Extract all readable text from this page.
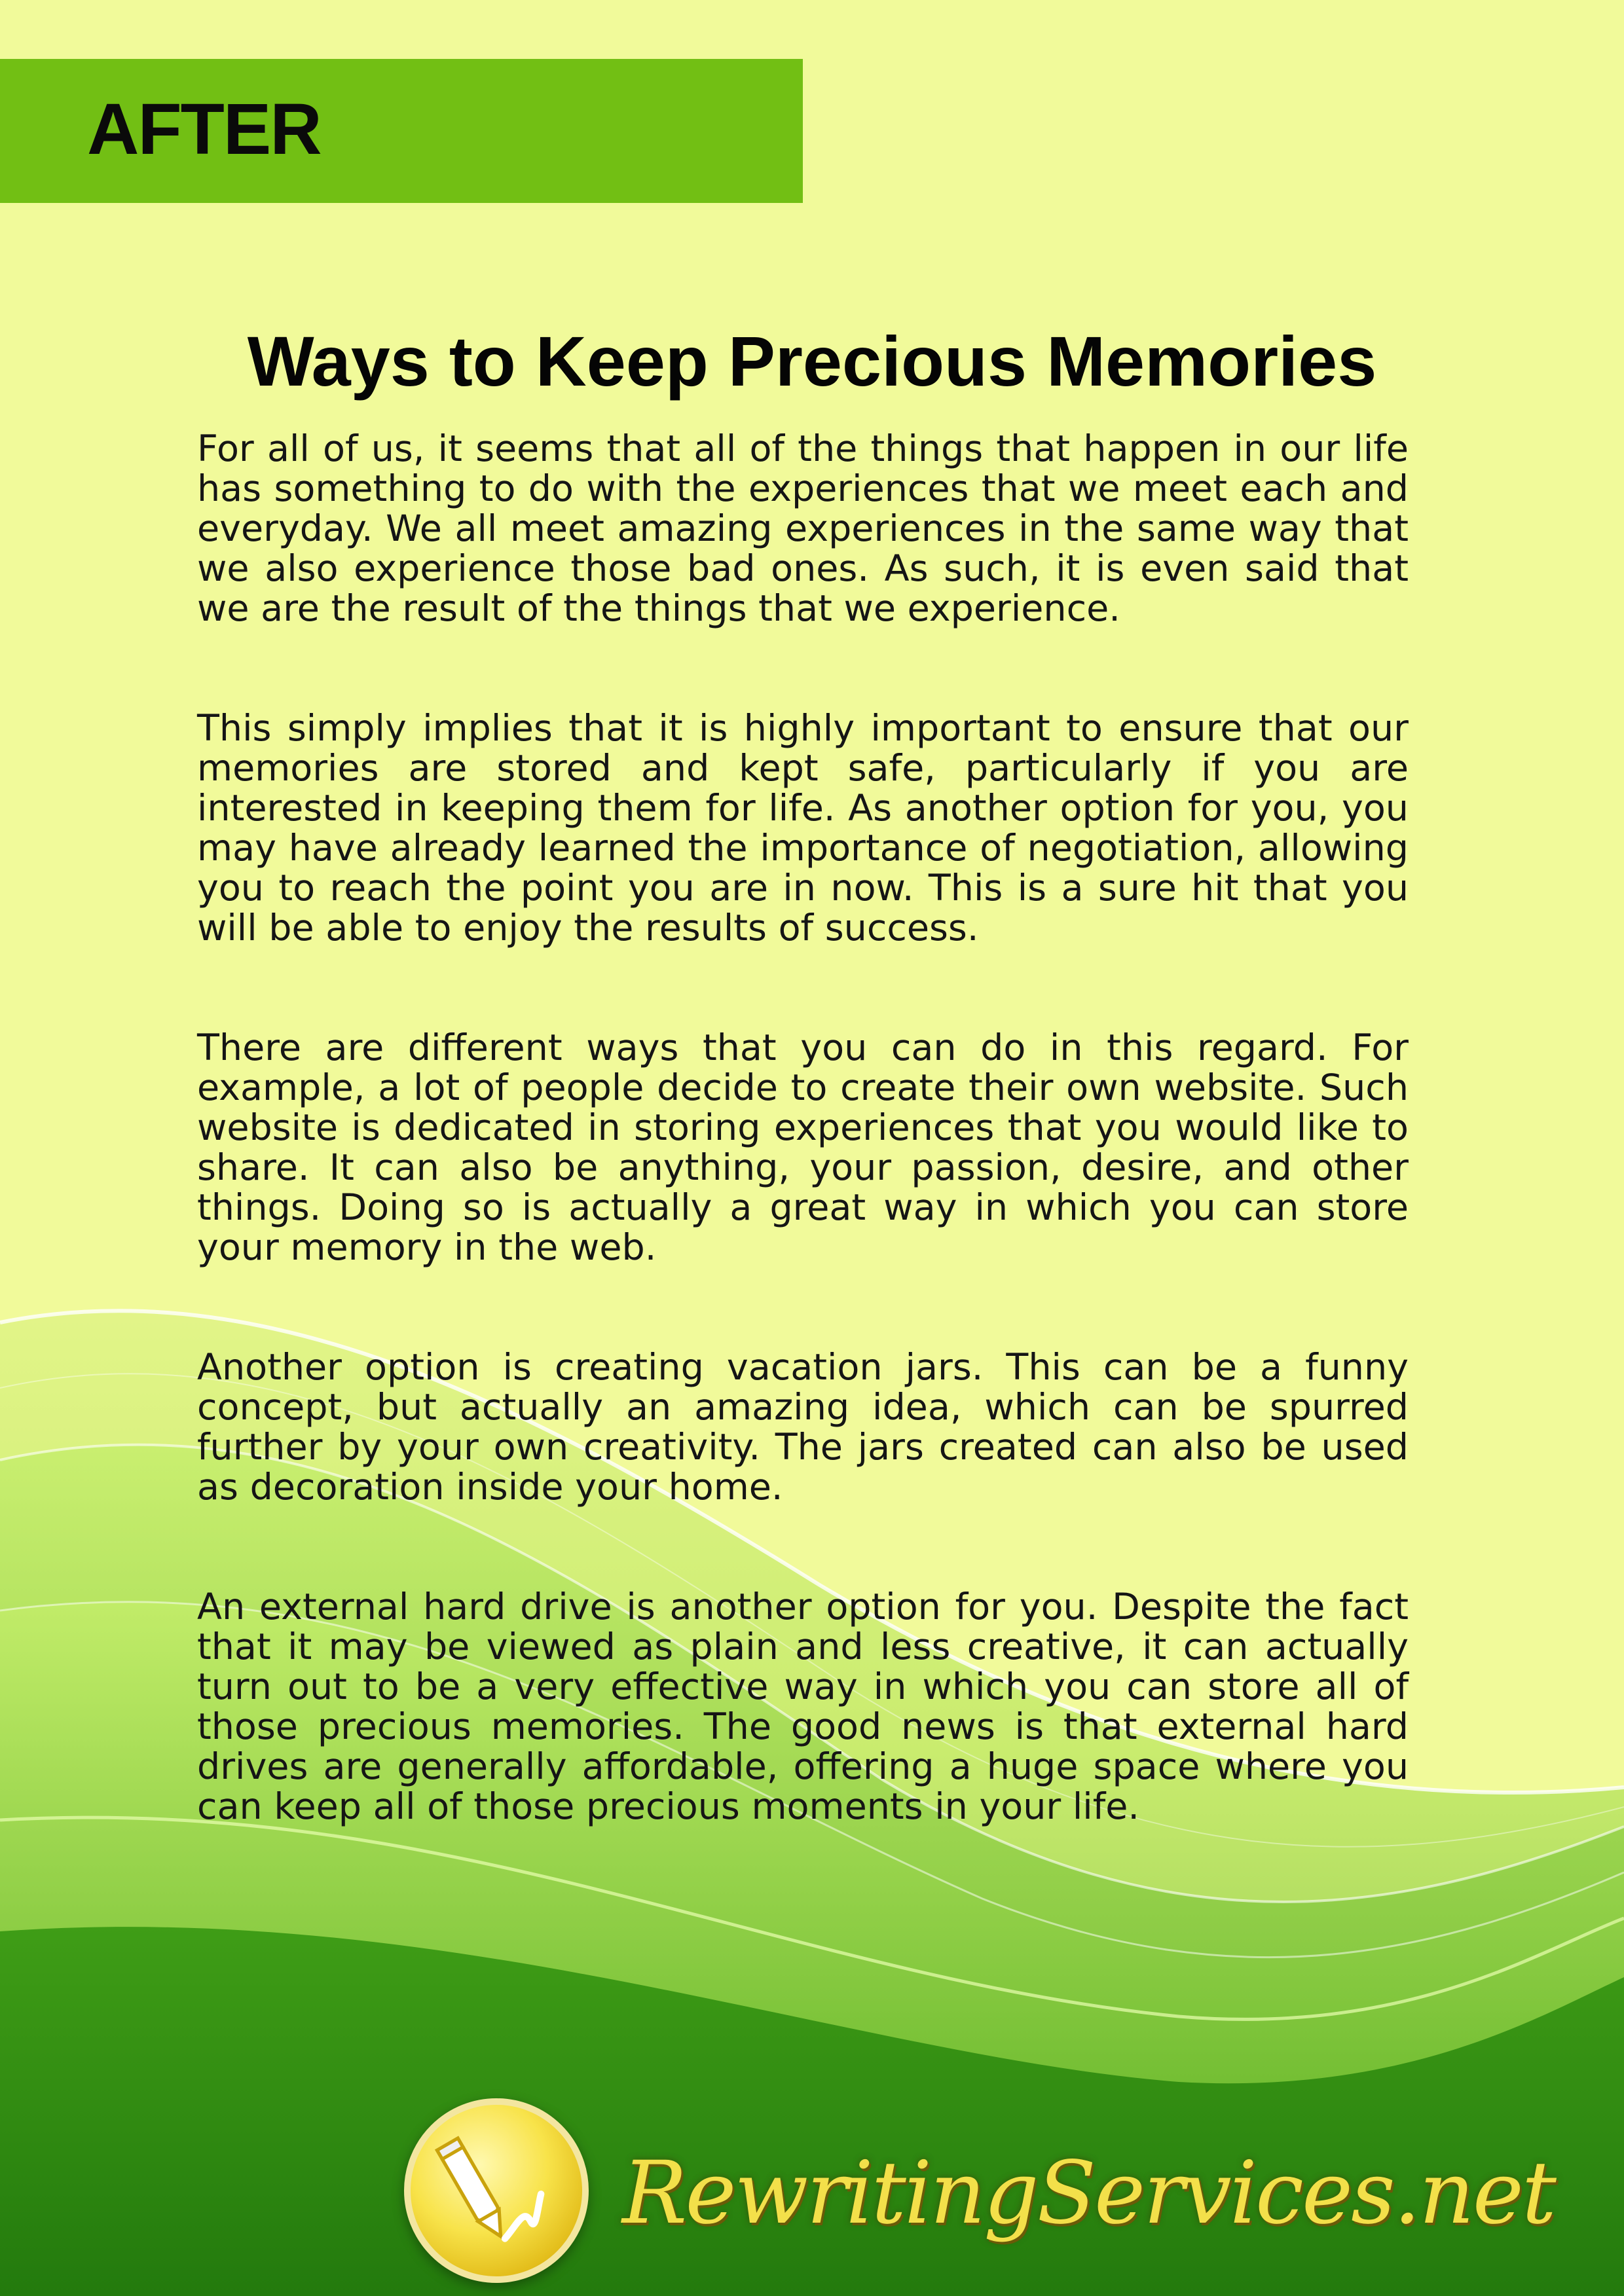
AFTER
Ways to Keep Precious Memories

For all of us, it seems that all of the things that happen in our life has something to do with the experiences that we meet each and everyday. We all meet amazing experiences in the same way that we also experience those bad ones. As such, it is even said that we are the result of the things that we experience.

This simply implies that it is highly important to ensure that our memories are stored and kept safe, particularly if you are interested in keeping them for life. As another option for you, you may have already learned the importance of negotiation, allowing you to reach the point you are in now. This is a sure hit that you will be able to enjoy the results of success.

There are different ways that you can do in this regard. For example, a lot of people decide to create their own website. Such website is dedicated in storing experiences that you would like to share. It can also be anything, your passion, desire, and other things. Doing so is actually a great way in which you can store your memory in the web.

Another option is creating vacation jars. This can be a funny concept, but actually an amazing idea, which can be spurred further by your own creativity. The jars created can also be used as decoration inside your home.

An external hard drive is another option for you. Despite the fact that it may be viewed as plain and less creative, it can actually turn out to be a very effective way in which you can store all of those precious memories. The good news is that external hard drives are generally affordable, offering a huge space where you can keep all of those precious moments in your life.

RewritingServices.net
